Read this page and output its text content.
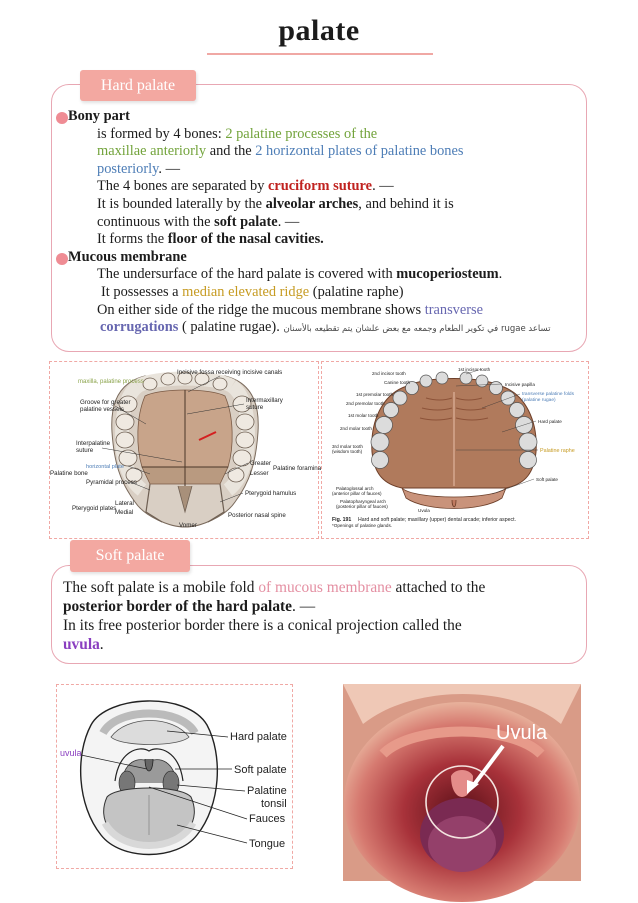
palate
Hard palate

Bony part

is formed by 4 bones: 2 palatine processes of the

maxillae anteriorly and the 2 horizontal plates of palatine bones

posteriorly. —

The 4 bones are separated by cruciform suture. —

It is bounded laterally by the alveolar arches, and behind it is

continuous with the soft palate. —

It forms the floor of the nasal cavities.

Mucous membrane

The undersurface of the hard palate is covered with mucoperiosteum.

It possesses a median elevated ridge (palatine raphe)

On either side of the ridge the mucous membrane shows transverse

corrugations ( palatine rugae). تساعد rugae في تكوير الطعام وجمعه مع بعض علشان يتم تقطيعه بالأسنان

maxilla, palatine process
Incisive fossa receiving incisive canals
Groove for greater
palatine vessels
Intermaxillary
suture
Interpalatine
suture
Palatine bone
horizontal plate
Pyramidal process
Pterygoid plates
Lateral
Medial
Vomer
Greater
Lesser
Palatine foramina
Pterygoid hamulus
Posterior nasal spine
1st incisor tooth
2nd incisor tooth
Canine tooth	Incisive papilla
1st premolar tooth
2nd premolar tooth
1st molar tooth
2nd molar tooth
transverse palatine folds
(palatine rugae)
Hard palate
Palatine raphe
3rd molar tooth
(wisdom tooth)
Soft palate
Palatoglossal arch
(anterior pillar of fauces)
Palatopharyngeal arch
(posterior pillar of fauces)
Uvula
Fig. 191 Hard and soft palate; maxillary (upper) dental arcade; inferior aspect.
*Openings of palatine glands.
Soft palate

The soft palate is a mobile fold of mucous membrane attached to the

posterior border of the hard palate. —

In its free posterior border there is a conical projection called the

uvula.

Hard palate
Soft palate
Palatine
tonsil
Fauces
Tongue
uvula
Uvula
